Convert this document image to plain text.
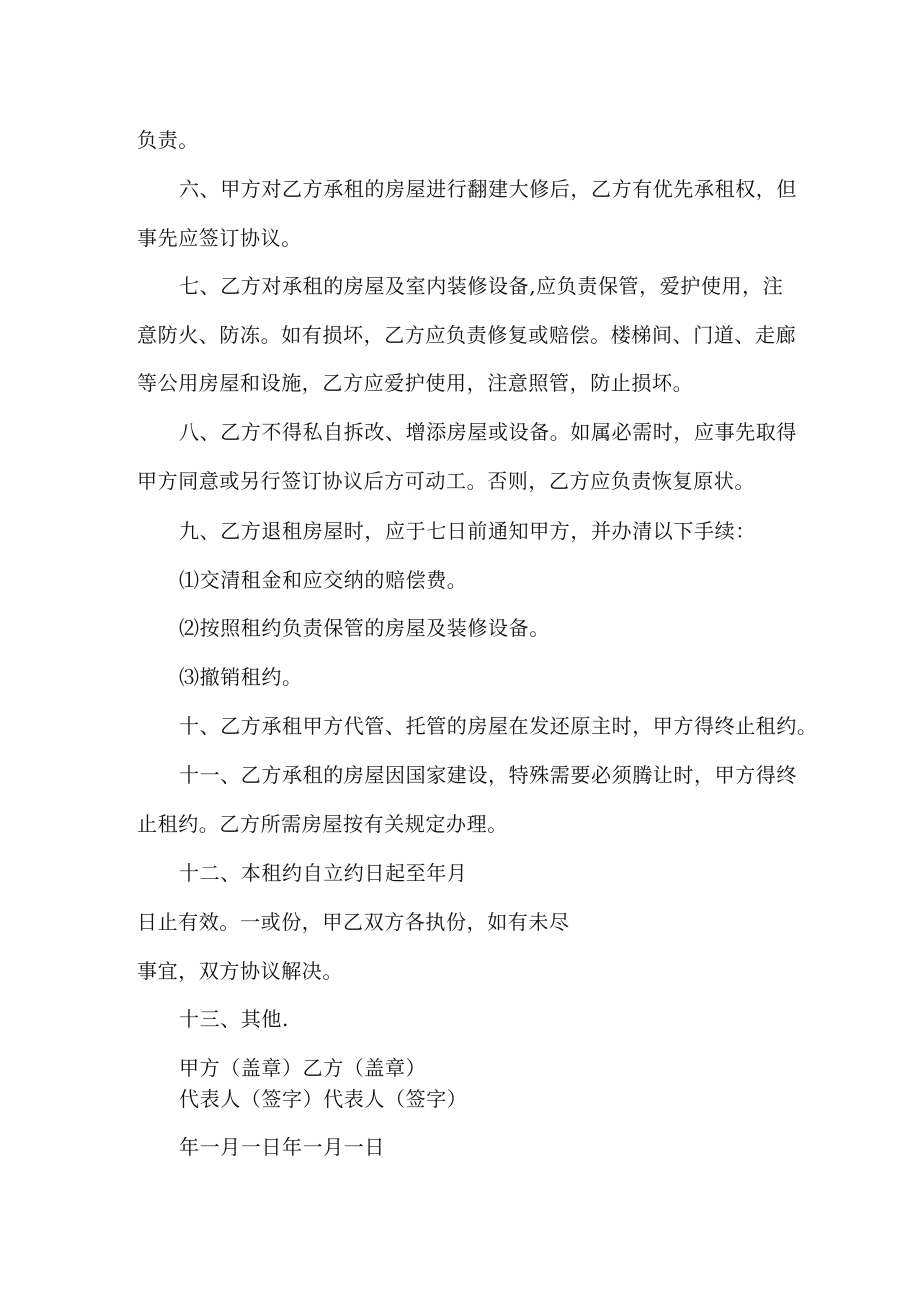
负责。
六、甲方对乙方承租的房屋进行翻建大修后，乙方有优先承租权，但
事先应签订协议。
七、乙方对承租的房屋及室内装修设备,应负责保管，爱护使用，注
意防火、防冻。如有损坏，乙方应负责修复或赔偿。楼梯间、门道、走廊
等公用房屋和设施，乙方应爱护使用，注意照管，防止损坏。
八、乙方不得私自拆改、增添房屋或设备。如属必需时，应事先取得
甲方同意或另行签订协议后方可动工。否则，乙方应负责恢复原状。
九、乙方退租房屋时，应于七日前通知甲方，并办清以下手续：
⑴交清租金和应交纳的赔偿费。
⑵按照租约负责保管的房屋及装修设备。
⑶撤销租约。
十、乙方承租甲方代管、托管的房屋在发还原主时，甲方得终止租约。
十一、乙方承租的房屋因国家建设，特殊需要必须腾让时，甲方得终
止租约。乙方所需房屋按有关规定办理。
十二、本租约自立约日起至年月
日止有效。一或份，甲乙双方各执份，如有未尽
事宜，双方协议解决。
十三、其他.
甲方（盖章）乙方（盖章）
代表人（签字）代表人（签字）
年一月一日年一月一日
